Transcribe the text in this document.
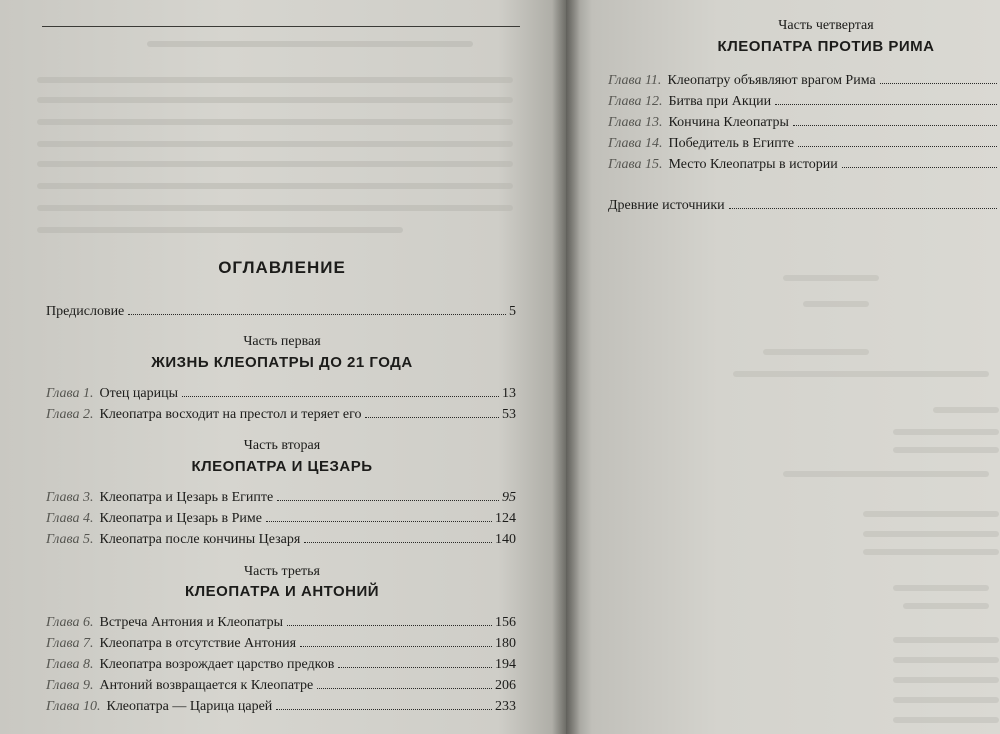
ОГЛАВЛЕНИЕ
Предисловие	5
Часть первая
ЖИЗНЬ КЛЕОПАТРЫ ДО 21 ГОДА
Глава 1. Отец царицы	13
Глава 2. Клеопатра восходит на престол и теряет его	53
Часть вторая
КЛЕОПАТРА И ЦЕЗАРЬ
Глава 3. Клеопатра и Цезарь в Египте	95
Глава 4. Клеопатра и Цезарь в Риме	124
Глава 5. Клеопатра после кончины Цезаря	140
Часть третья
КЛЕОПАТРА И АНТОНИЙ
Глава 6. Встреча Антония и Клеопатры	156
Глава 7. Клеопатра в отсутствие Антония	180
Глава 8. Клеопатра возрождает царство предков	194
Глава 9. Антоний возвращается к Клеопатре	206
Глава 10. Клеопатра — Царица царей	233
Часть четвертая
КЛЕОПАТРА ПРОТИВ РИМА
Глава 11. Клеопатру объявляют врагом Рима
Глава 12. Битва при Акции
Глава 13. Кончина Клеопатры
Глава 14. Победитель в Египте
Глава 15. Место Клеопатры в истории
Древние источники
